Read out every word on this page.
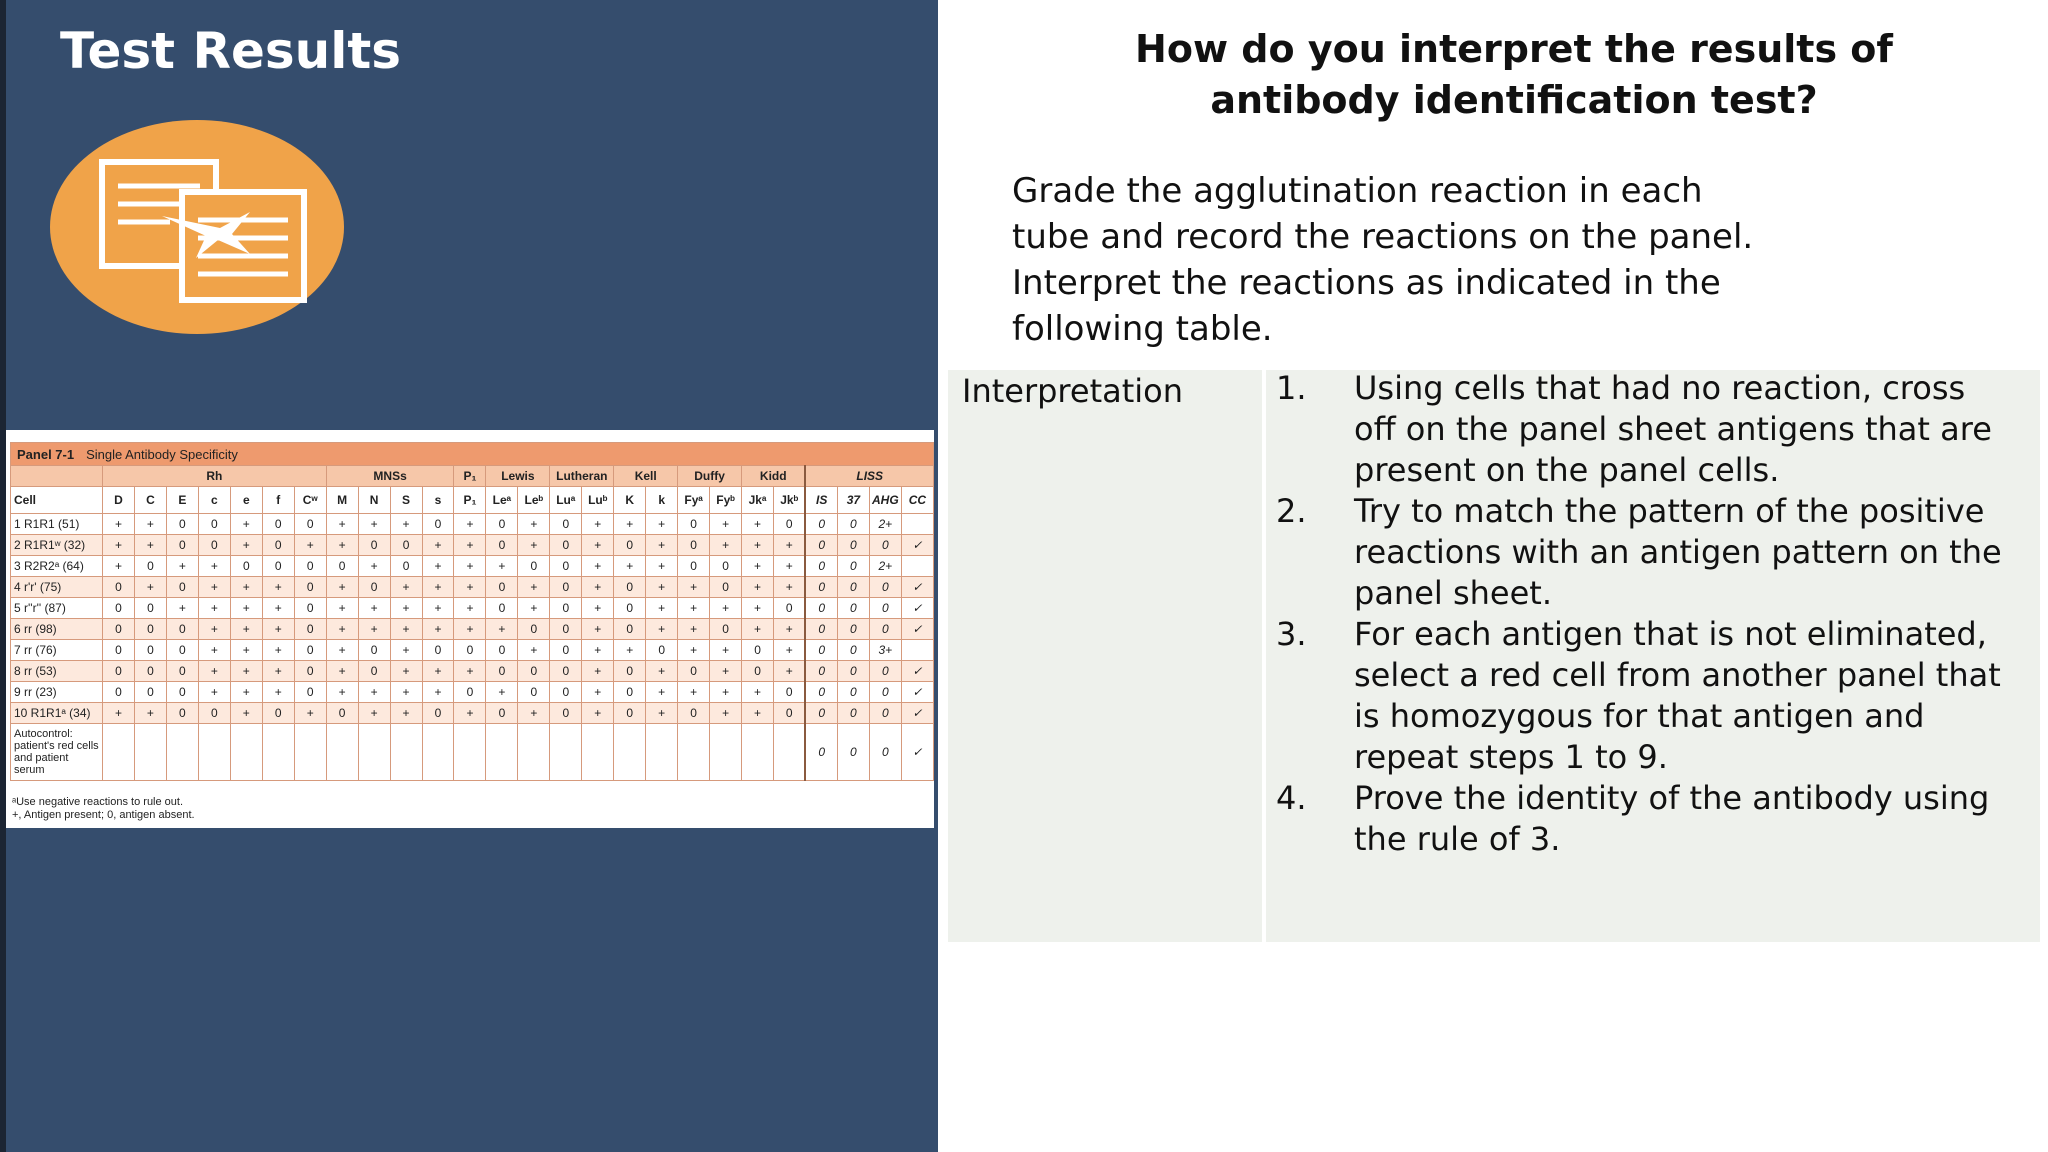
Test Results
Panel 7-1 Single Antibody Specificity																										
	Rh							MNSs				P₁	Lewis		Lutheran		Kell		Duffy		Kidd		LISS			
Cell	D	C	E	c	e	f	Cʷ	M	N	S	s	P₁	Leᵃ	Leᵇ	Luᵃ	Luᵇ	K	k	Fyᵃ	Fyᵇ	Jkᵃ	Jkᵇ	IS	37	AHG	CC
1 R1R1 (51)	+	+	0	0	+	0	0	+	+	+	0	+	0	+	0	+	+	+	0	+	+	0	0	0	2+	
2 R1R1ʷ (32)	+	+	0	0	+	0	+	+	0	0	+	+	0	+	0	+	0	+	0	+	+	+	0	0	0	✓
3 R2R2ᵃ (64)	+	0	+	+	0	0	0	0	+	0	+	+	+	0	0	+	+	+	0	0	+	+	0	0	2+	
4 r'r' (75)	0	+	0	+	+	+	0	+	0	+	+	+	0	+	0	+	0	+	+	0	+	+	0	0	0	✓
5 r''r'' (87)	0	0	+	+	+	+	0	+	+	+	+	+	0	+	0	+	0	+	+	+	+	0	0	0	0	✓
6 rr (98)	0	0	0	+	+	+	0	+	+	+	+	+	+	0	0	+	0	+	+	0	+	+	0	0	0	✓
7 rr (76)	0	0	0	+	+	+	0	+	0	+	0	0	0	+	0	+	+	0	+	+	0	+	0	0	3+	
8 rr (53)	0	0	0	+	+	+	0	+	0	+	+	+	0	0	0	+	0	+	0	+	0	+	0	0	0	✓
9 rr (23)	0	0	0	+	+	+	0	+	+	+	+	0	+	0	0	+	0	+	+	+	+	0	0	0	0	✓
10 R1R1ᵃ (34)	+	+	0	0	+	0	+	0	+	+	0	+	0	+	0	+	0	+	0	+	+	0	0	0	0	✓
Autocontrol: patient's red cells and patient serum																							0	0	0	✓
ᵃUse negative reactions to rule out.
+, Antigen present; 0, antigen absent.
How do you interpret the results of
antibody identification test?
Grade the agglutination reaction in each
tube and record the reactions on the panel.
Interpret the reactions as indicated in the
following table.
Interpretation	1.	Using cells that had no reaction, cross off on the panel sheet antigens that are present on the panel cells.
2.	Try to match the pattern of the positive reactions with an antigen pattern on the panel sheet.
3.	For each antigen that is not eliminated, select a red cell from another panel that is homozygous for that antigen and repeat steps 1 to 9.
4.	Prove the identity of the antibody using the rule of 3.
